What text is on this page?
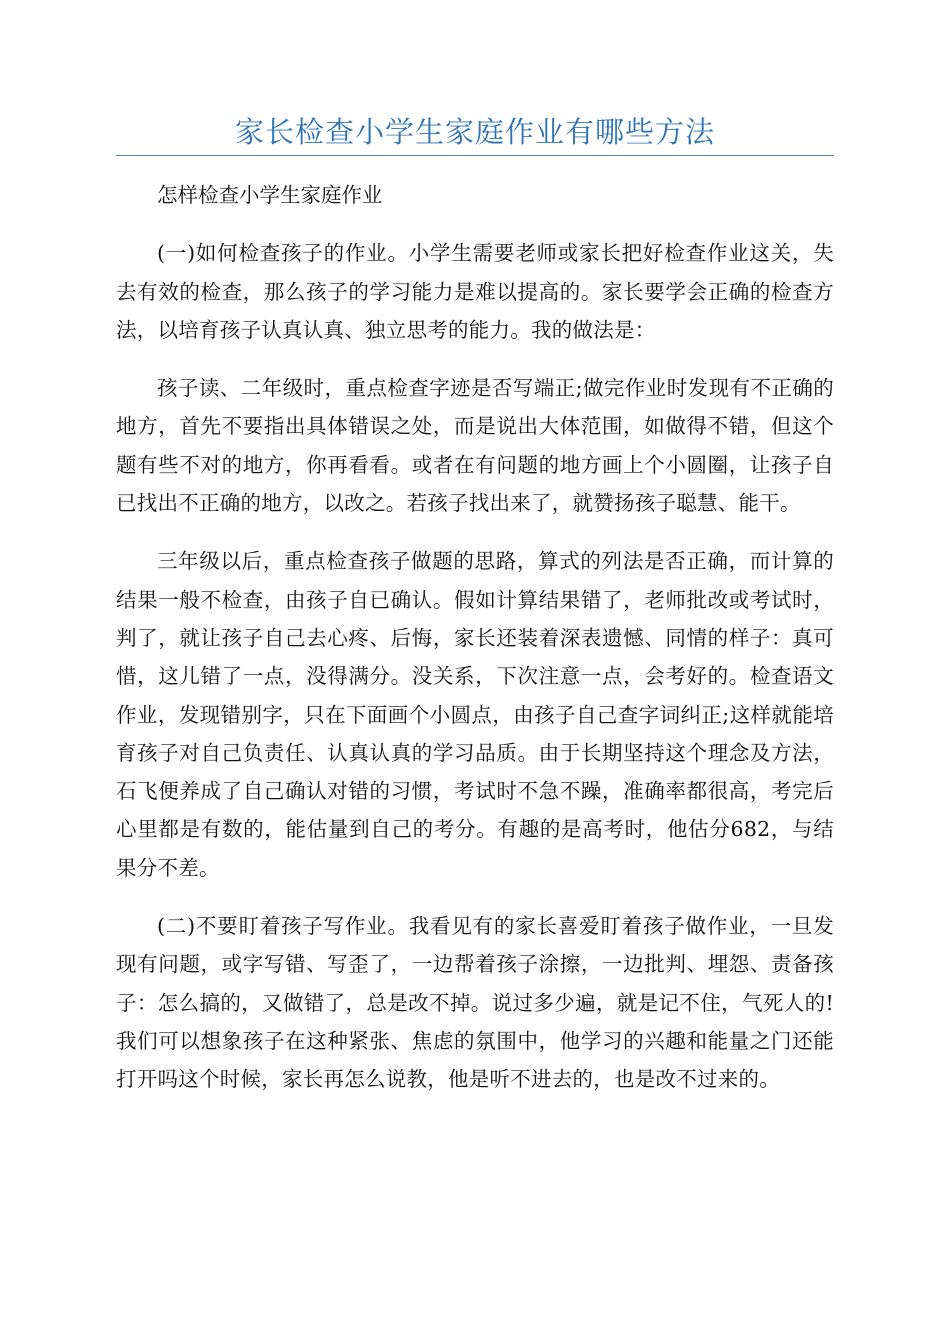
家长检查小学生家庭作业有哪些方法

怎样检查小学生家庭作业

(一)如何检查孩子的作业。小学生需要老师或家长把好检查作业这关，失去有效的检查，那么孩子的学习能力是难以提高的。家长要学会正确的检查方法，以培育孩子认真认真、独立思考的能力。我的做法是：

孩子读、二年级时，重点检查字迹是否写端正;做完作业时发现有不正确的地方，首先不要指出具体错误之处，而是说出大体范围，如做得不错，但这个题有些不对的地方，你再看看。或者在有问题的地方画上个小圆圈，让孩子自已找出不正确的地方，以改之。若孩子找出来了，就赞扬孩子聪慧、能干。

三年级以后，重点检查孩子做题的思路，算式的列法是否正确，而计算的结果一般不检查，由孩子自已确认。假如计算结果错了，老师批改或考试时，判了，就让孩子自己去心疼、后悔，家长还装着深表遗憾、同情的样子：真可惜，这儿错了一点，没得满分。没关系，下次注意一点，会考好的。检查语文作业，发现错别字，只在下面画个小圆点，由孩子自己查字词纠正;这样就能培育孩子对自己负责任、认真认真的学习品质。由于长期坚持这个理念及方法，石飞便养成了自己确认对错的习惯，考试时不急不躁，准确率都很高，考完后心里都是有数的，能估量到自己的考分。有趣的是高考时，他估分682，与结果分不差。

(二)不要盯着孩子写作业。我看见有的家长喜爱盯着孩子做作业，一旦发现有问题，或字写错、写歪了，一边帮着孩子涂擦，一边批判、埋怨、责备孩子：怎么搞的，又做错了，总是改不掉。说过多少遍，就是记不住，气死人的!我们可以想象孩子在这种紧张、焦虑的氛围中，他学习的兴趣和能量之门还能打开吗这个时候，家长再怎么说教，他是听不进去的，也是改不过来的。
